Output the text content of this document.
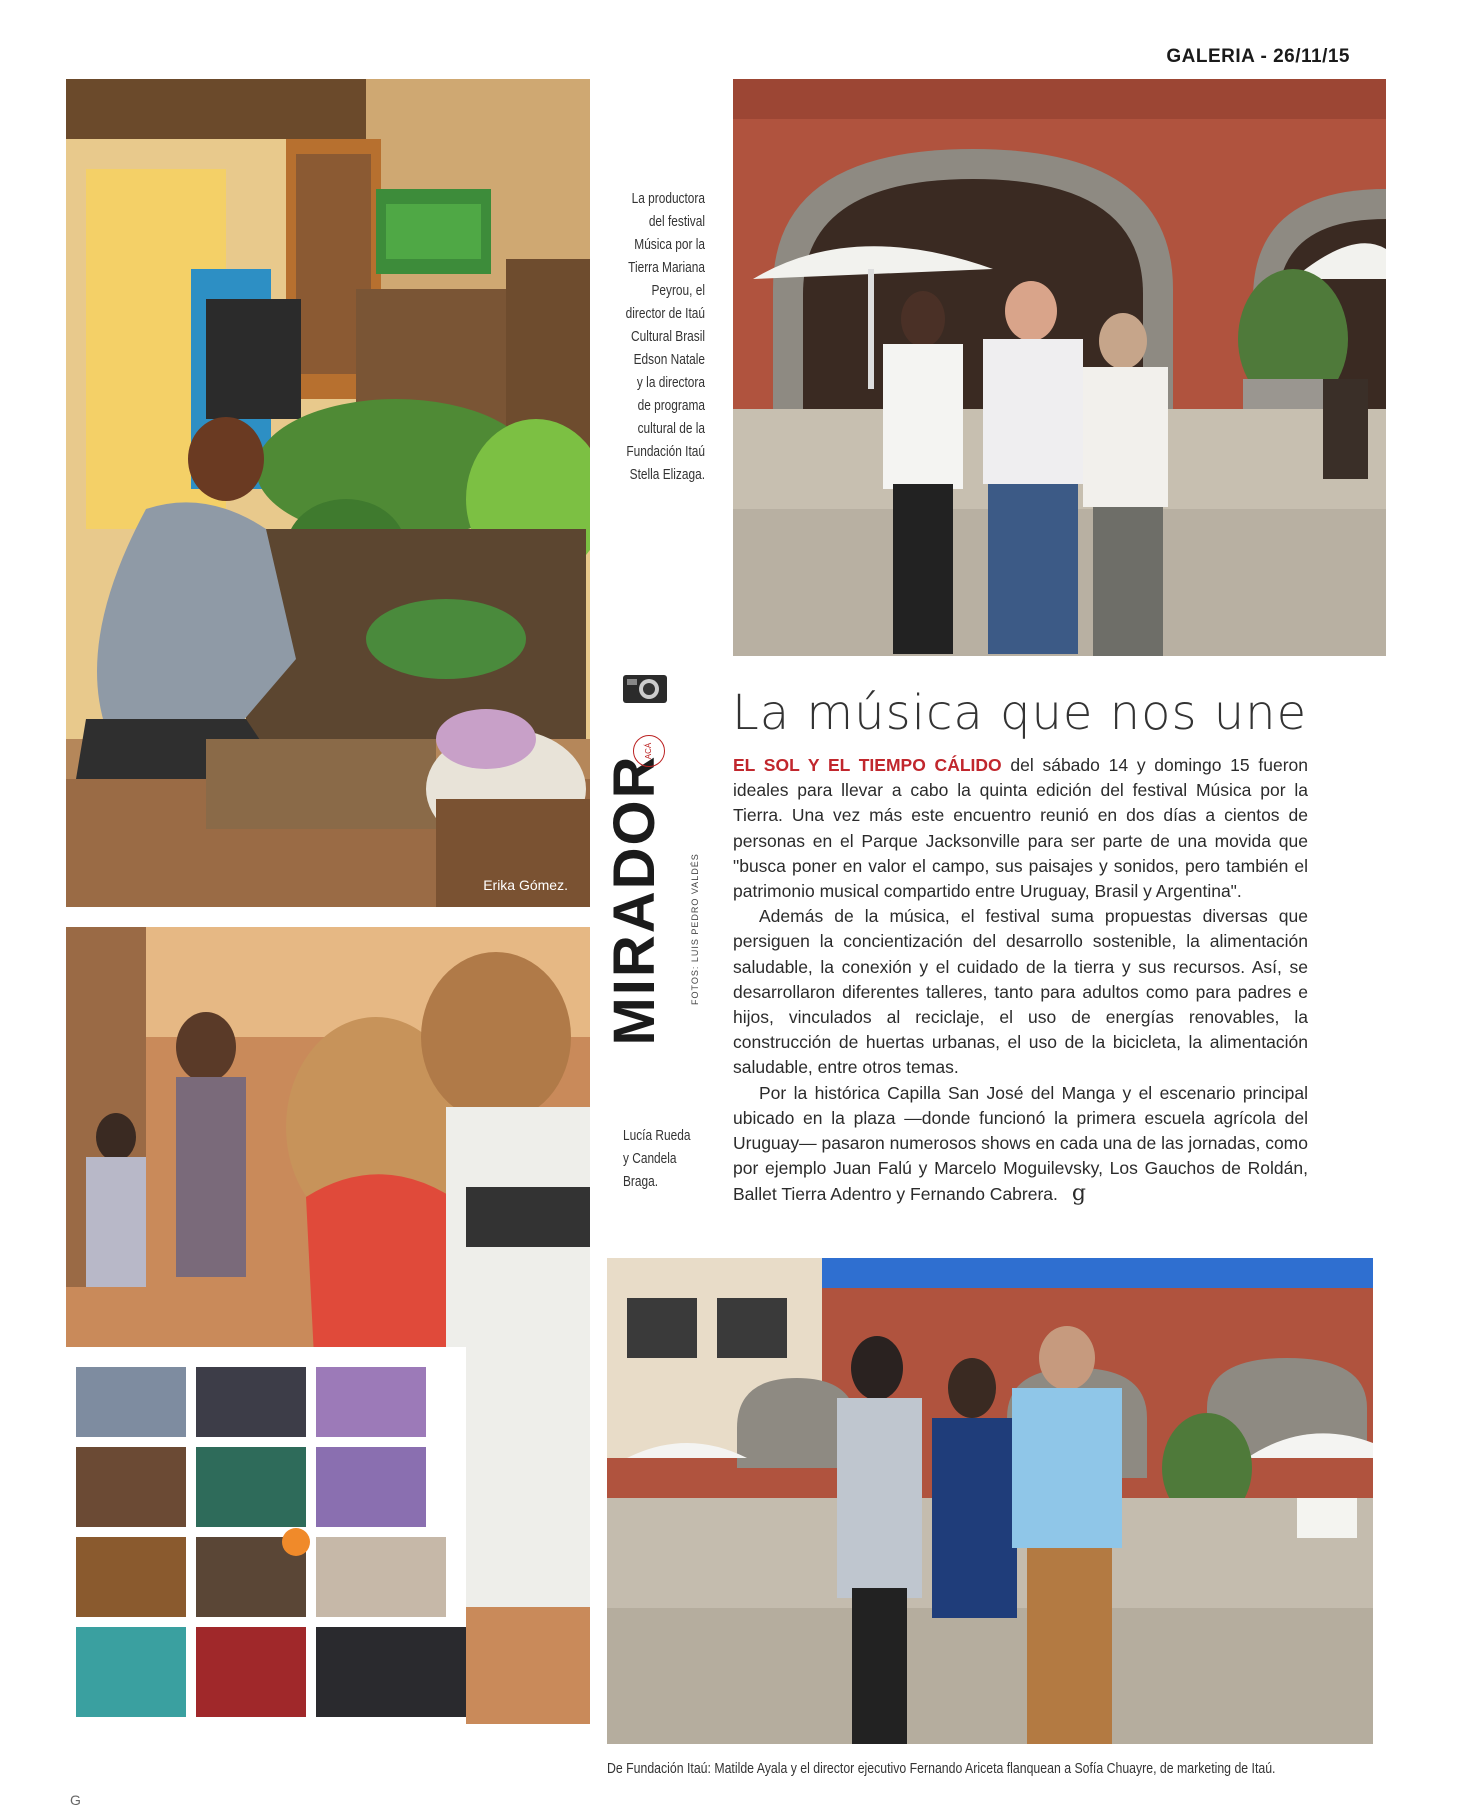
GALERIA - 26/11/15
Erika Gómez.
La productora
del festival
Música por la
Tierra Mariana
Peyrou, el
director de Itaú
Cultural Brasil
Edson Natale
y la directora
de programa
cultural de la
Fundación Itaú
Stella Elizaga.
MIRADOR
ACÁ
FOTOS: LUIS PEDRO VALDÉS
La música que nos une

EL SOL Y EL TIEMPO CÁLIDO del sábado 14 y domingo 15 fueron ideales para llevar a cabo la quinta edición del festival Música por la Tierra. Una vez más este encuentro reunió en dos días a cientos de personas en el Parque Jacksonville para ser parte de una movida que "busca poner en valor el campo, sus paisajes y sonidos, pero también el patrimonio musical compartido entre Uruguay, Brasil y Argentina".

Además de la música, el festival suma propuestas diversas que persiguen la concientización del desarrollo sostenible, la alimentación saludable, la conexión y el cuidado de la tierra y sus recursos. Así, se desarrollaron diferentes talleres, tanto para adultos como para padres e hijos, vinculados al reciclaje, el uso de energías renovables, la construcción de huertas urbanas, el uso de la bicicleta, la alimentación saludable, entre otros temas.

Por la histórica Capilla San José del Manga y el escenario principal ubicado en la plaza —donde funcionó la primera escuela agrícola del Uruguay— pasaron numerosos shows en cada una de las jornadas, como por ejemplo Juan Falú y Marcelo Moguilevsky, Los Gauchos de Roldán, Ballet Tierra Adentro y Fernando Cabrera. g

Lucía Rueda
y Candela
Braga.
De Fundación Itaú: Matilde Ayala y el director ejecutivo Fernando Ariceta flanquean a Sofía Chuayre, de marketing de Itaú.
G
